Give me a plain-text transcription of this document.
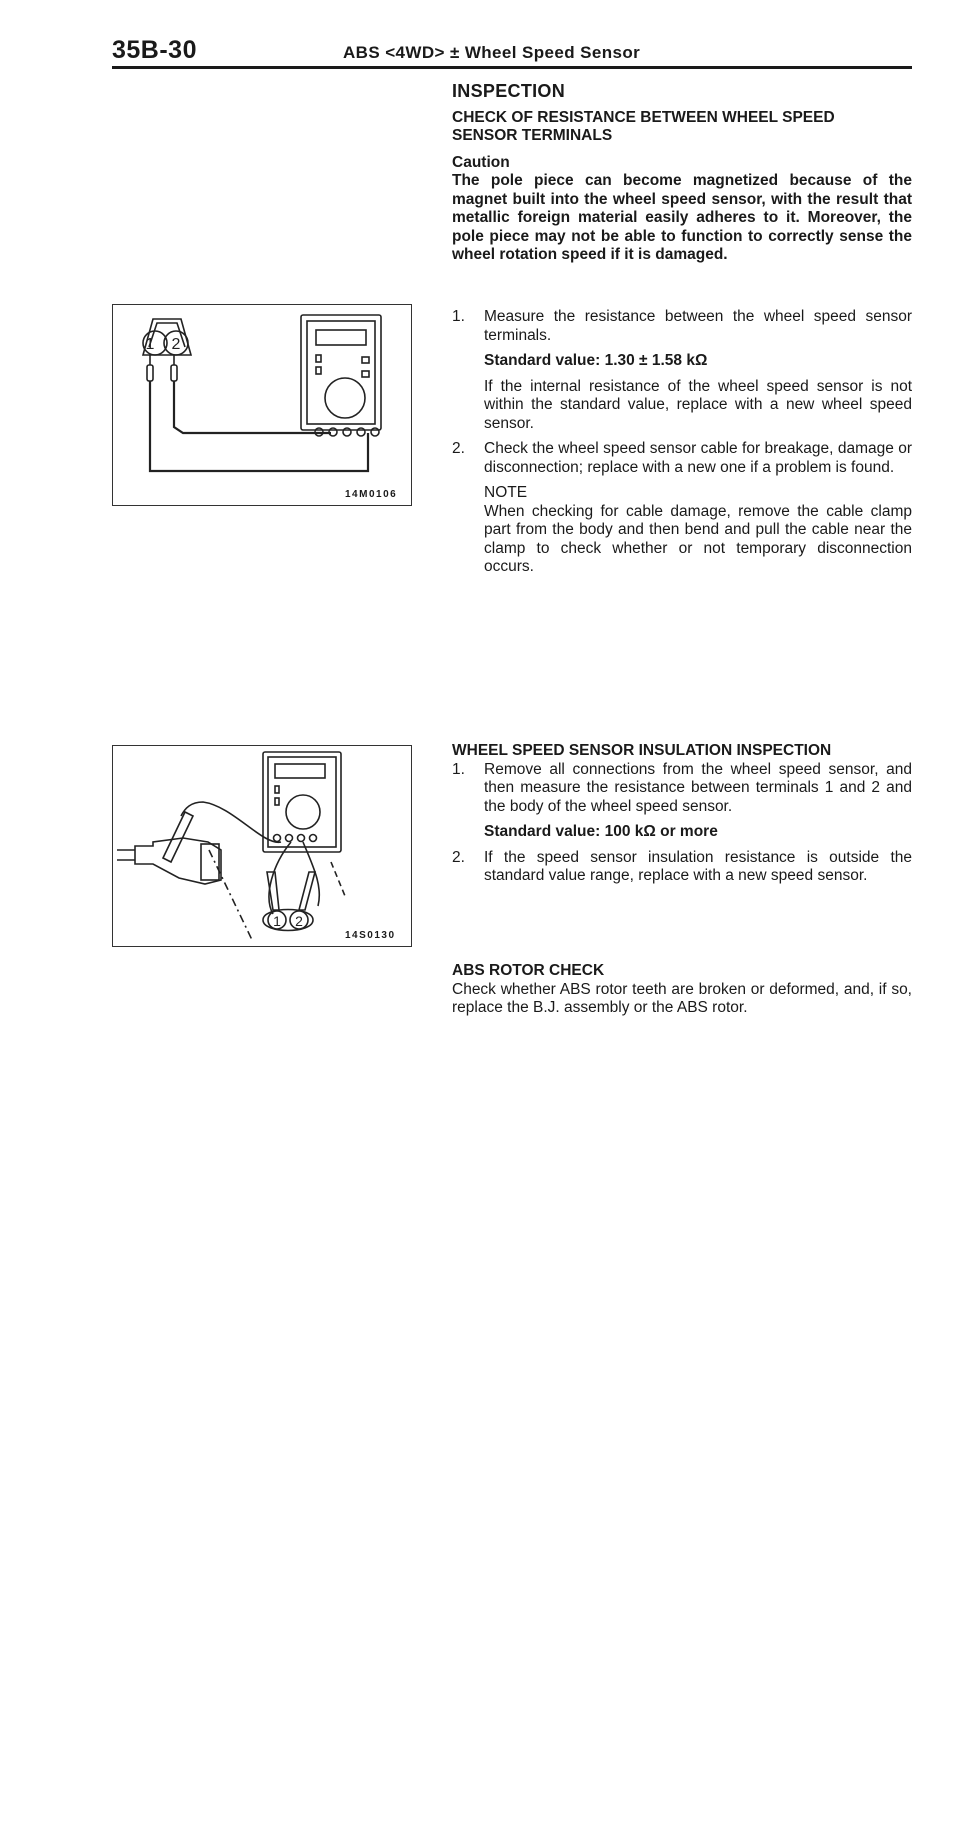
35B-30	ABS <4WD> ± Wheel Speed Sensor
INSPECTION
CHECK OF RESISTANCE BETWEEN WHEEL SPEED
SENSOR TERMINALS
Caution
The pole piece can become magnetized because of the magnet built into the wheel speed sensor, with the result that metallic foreign material easily adheres to it. Moreover, the pole piece may not be able to function to correctly sense the wheel rotation speed if it is damaged.
1. Measure the resistance between the wheel speed sensor terminals.

Standard value: 1.30 ± 1.58 kΩ

If the internal resistance of the wheel speed sensor is not within the standard value, replace with a new wheel speed sensor.

2. Check the wheel speed sensor cable for breakage, damage or disconnection; replace with a new one if a problem is found.

NOTE
When checking for cable damage, remove the cable clamp part from the body and then bend and pull the cable near the clamp to check whether or not temporary disconnection occurs.
WHEEL SPEED SENSOR INSULATION INSPECTION
1. Remove all connections from the wheel speed sensor, and then measure the resistance between terminals 1 and 2 and the body of the wheel speed sensor.

Standard value: 100 kΩ or more

2. If the speed sensor insulation resistance is outside the standard value range, replace with a new speed sensor.

ABS ROTOR CHECK
Check whether ABS rotor teeth are broken or deformed, and, if so, replace the B.J. assembly or the ABS rotor.
1 2
14M0106
1 2
14S0130
